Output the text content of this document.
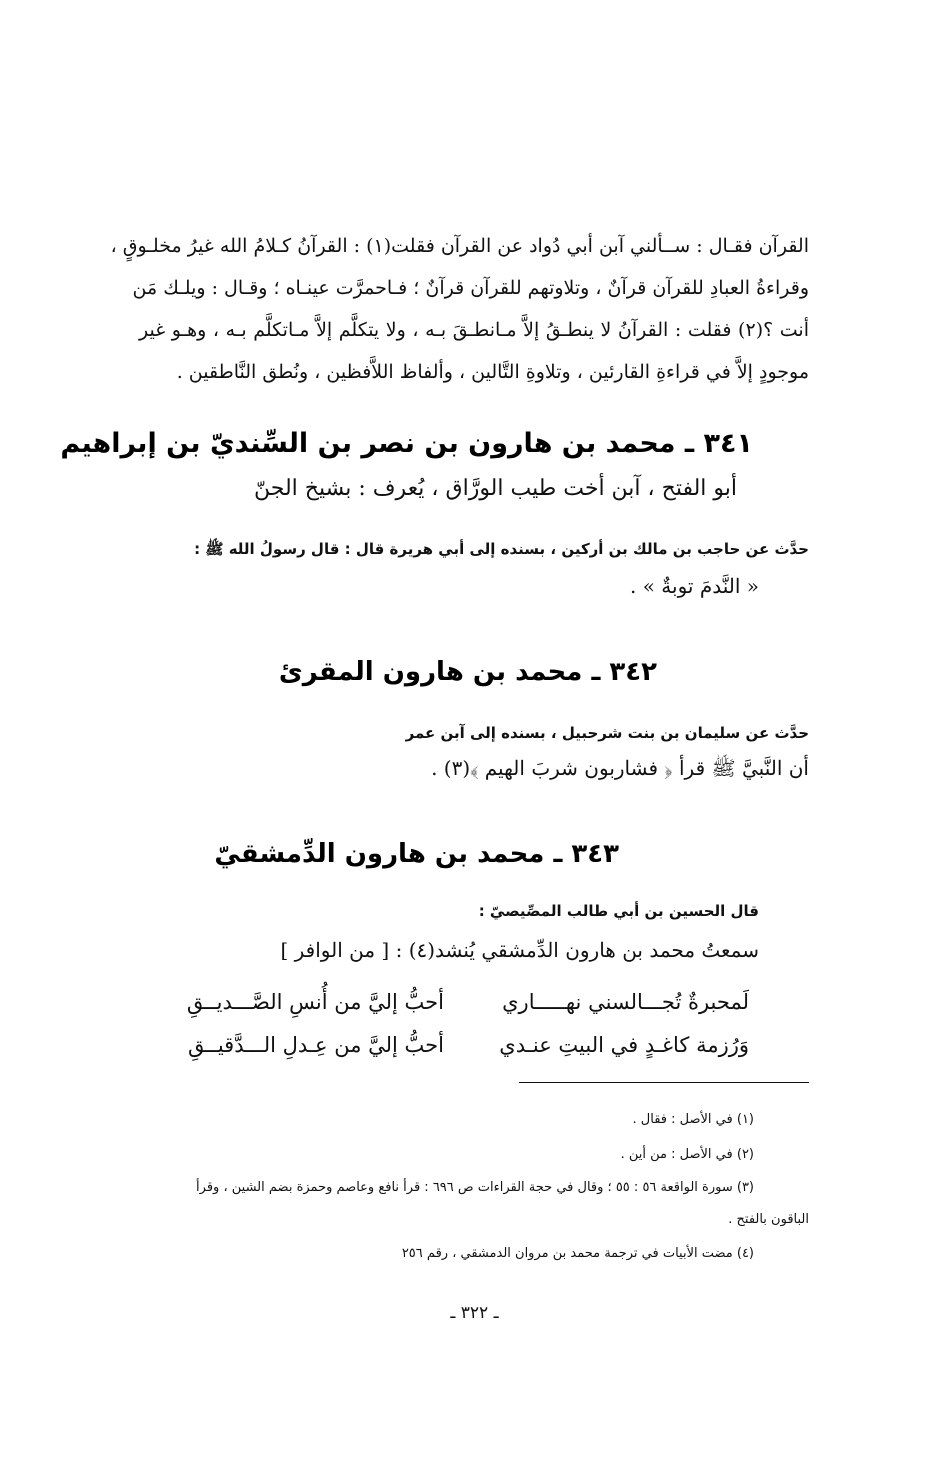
القرآن فقـال : ســألني آبن أبي دُواد عن القرآن فقلت(١) : القرآنُ كـلامُ الله غيرُ مخلـوقٍ ،
وقراءةُ العبادِ للقرآن قرآنٌ ، وتلاوتهم للقرآن قرآنٌ ؛ فـاحمرَّت عينـاه ؛ وقـال : ويلـك مَن
أنت ؟(٢) فقلت : القرآنُ لا ينطـقُ إلاَّ مـانطـقَ بـه ، ولا يتكلَّم إلاَّ مـاتكلَّم بـه ، وهـو غير
موجودٍ إلاَّ في قراءةِ القارئين ، وتلاوةِ التَّالين ، وألفاظ اللاَّفظين ، ونُطق النَّاطقين .
٣٤١ ـ محمد بن هارون بن نصر بن السِّنديّ بن إبراهيم
أبو الفتح ، آبن أخت طيب الورَّاق ، يُعرف : بشيخ الجنّ
حدَّث عن حاجب بن مالك بن أركين ، بسنده إلى أبي هريرة قال : قال رسولُ الله ﷺ :
« النَّدمَ توبةٌ » .
٣٤٢ ـ محمد بن هارون المقرئ
حدَّث عن سليمان بن بنت شرحبيل ، بسنده إلى آبن عمر
أن النَّبيَّ ﷺ قرأ ﴿ فشاربون شربَ الهيم ﴾(٣) .
٣٤٣ ـ محمد بن هارون الدِّمشقيّ
قال الحسين بن أبي طالب المصِّيصيّ :
سمعتُ محمد بن هارون الدِّمشقي يُنشد(٤) : [ من الوافر ]
لَمحبرةٌ تُجـــالسني نهـــــاري
أحبُّ إليَّ من أُنسِ الصَّـــديــقِ
وَرُزمة كاغـدٍ في البيتِ عنـدي
أحبُّ إليَّ من عِـدلِ الـــدَّقيــقِ
(١) في الأصل : فقال .
(٢) في الأصل : من أين .
(٣) سورة الواقعة ٥٦ : ٥٥ ؛ وقال في حجة القراءات ص ٦٩٦ : قرأ نافع وعاصم وحمزة بضم الشين ، وقرأ
الباقون بالفتح .
(٤) مضت الأبيات في ترجمة محمد بن مروان الدمشقي ، رقم ٢٥٦
ـ ٣٢٢ ـ
